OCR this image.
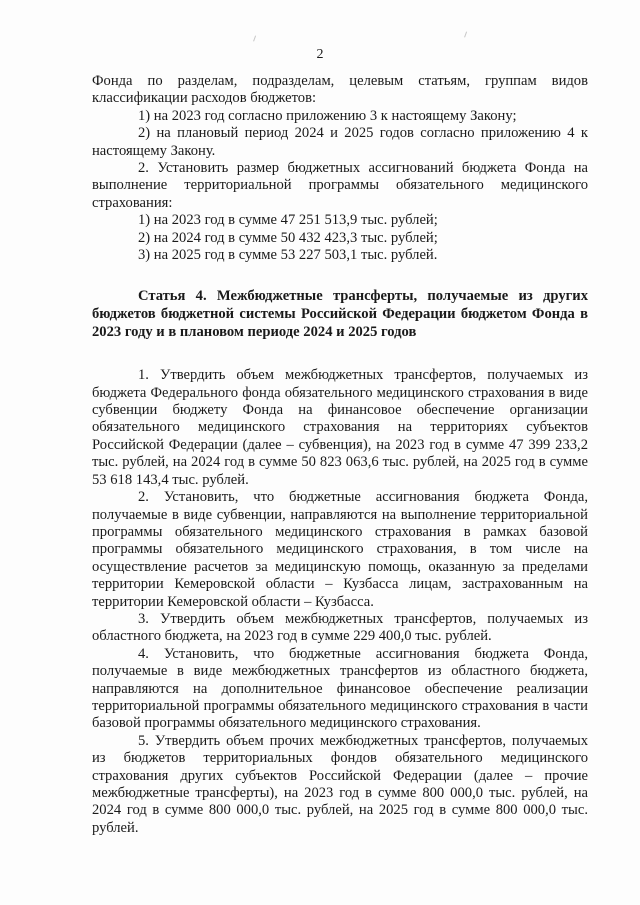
2

Фонда по разделам, подразделам, целевым статьям, группам видов классификации расходов бюджетов:

1) на 2023 год согласно приложению 3 к настоящему Закону;

2) на плановый период 2024 и 2025 годов согласно приложению 4 к настоящему Закону.

2. Установить размер бюджетных ассигнований бюджета Фонда на выполнение территориальной программы обязательного медицинского страхования:

1) на 2023 год в сумме 47 251 513,9 тыс. рублей;

2) на 2024 год в сумме 50 432 423,3 тыс. рублей;

3) на 2025 год в сумме 53 227 503,1 тыс. рублей.

Статья 4. Межбюджетные трансферты, получаемые из других бюджетов бюджетной системы Российской Федерации бюджетом Фонда в 2023 году и в плановом периоде 2024 и 2025 годов

1. Утвердить объем межбюджетных трансфертов, получаемых из бюджета Федерального фонда обязательного медицинского страхования в виде субвенции бюджету Фонда на финансовое обеспечение организации обязательного медицинского страхования на территориях субъектов Российской Федерации (далее – субвенция), на 2023 год в сумме 47 399 233,2 тыс. рублей, на 2024 год в сумме 50 823 063,6 тыс. рублей, на 2025 год в сумме 53 618 143,4 тыс. рублей.

2. Установить, что бюджетные ассигнования бюджета Фонда, получаемые в виде субвенции, направляются на выполнение территориальной программы обязательного медицинского страхования в рамках базовой программы обязательного медицинского страхования, в том числе на осуществление расчетов за медицинскую помощь, оказанную за пределами территории Кемеровской области – Кузбасса лицам, застрахованным на территории Кемеровской области – Кузбасса.

3. Утвердить объем межбюджетных трансфертов, получаемых из областного бюджета, на 2023 год в сумме 229 400,0 тыс. рублей.

4. Установить, что бюджетные ассигнования бюджета Фонда, получаемые в виде межбюджетных трансфертов из областного бюджета, направляются на дополнительное финансовое обеспечение реализации территориальной программы обязательного медицинского страхования в части базовой программы обязательного медицинского страхования.

5. Утвердить объем прочих межбюджетных трансфертов, получаемых из бюджетов территориальных фондов обязательного медицинского страхования других субъектов Российской Федерации (далее – прочие межбюджетные трансферты), на 2023 год в сумме 800 000,0 тыс. рублей, на 2024 год в сумме 800 000,0 тыс. рублей, на 2025 год в сумме 800 000,0 тыс. рублей.
